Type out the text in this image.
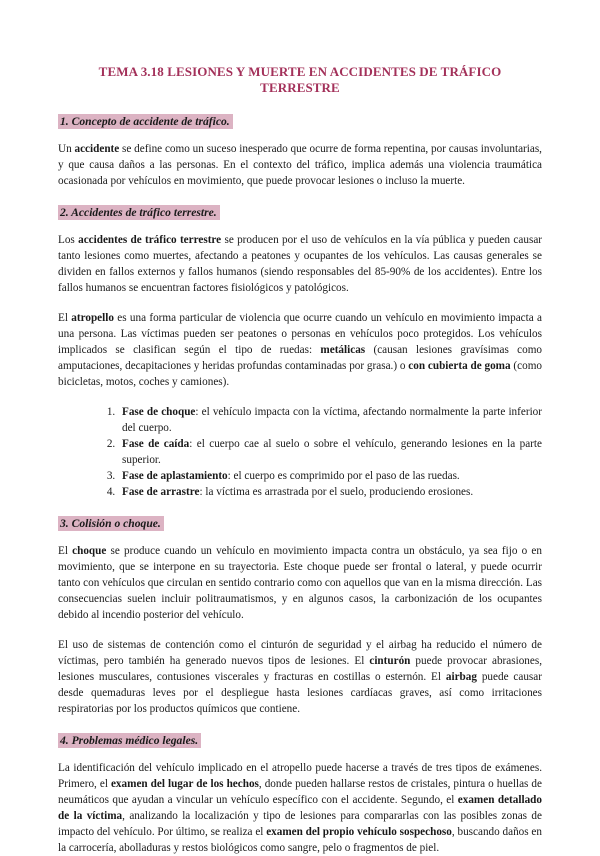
TEMA 3.18 LESIONES Y MUERTE EN ACCIDENTES DE TRÁFICO TERRESTRE
1. Concepto de accidente de tráfico.

Un accidente se define como un suceso inesperado que ocurre de forma repentina, por causas involuntarias, y que causa daños a las personas. En el contexto del tráfico, implica además una violencia traumática ocasionada por vehículos en movimiento, que puede provocar lesiones o incluso la muerte.

2. Accidentes de tráfico terrestre.

Los accidentes de tráfico terrestre se producen por el uso de vehículos en la vía pública y pueden causar tanto lesiones como muertes, afectando a peatones y ocupantes de los vehículos. Las causas generales se dividen en fallos externos y fallos humanos (siendo responsables del 85-90% de los accidentes). Entre los fallos humanos se encuentran factores fisiológicos y patológicos.

El atropello es una forma particular de violencia que ocurre cuando un vehículo en movimiento impacta a una persona. Las víctimas pueden ser peatones o personas en vehículos poco protegidos. Los vehículos implicados se clasifican según el tipo de ruedas: metálicas (causan lesiones gravísimas como amputaciones, decapitaciones y heridas profundas contaminadas por grasa.) o con cubierta de goma (como bicicletas, motos, coches y camiones).

1. Fase de choque: el vehículo impacta con la víctima, afectando normalmente la parte inferior del cuerpo.
2. Fase de caída: el cuerpo cae al suelo o sobre el vehículo, generando lesiones en la parte superior.
3. Fase de aplastamiento: el cuerpo es comprimido por el paso de las ruedas.
4. Fase de arrastre: la víctima es arrastrada por el suelo, produciendo erosiones.
3. Colisión o choque.

El choque se produce cuando un vehículo en movimiento impacta contra un obstáculo, ya sea fijo o en movimiento, que se interpone en su trayectoria. Este choque puede ser frontal o lateral, y puede ocurrir tanto con vehículos que circulan en sentido contrario como con aquellos que van en la misma dirección. Las consecuencias suelen incluir politraumatismos, y en algunos casos, la carbonización de los ocupantes debido al incendio posterior del vehículo.

El uso de sistemas de contención como el cinturón de seguridad y el airbag ha reducido el número de víctimas, pero también ha generado nuevos tipos de lesiones. El cinturón puede provocar abrasiones, lesiones musculares, contusiones viscerales y fracturas en costillas o esternón. El airbag puede causar desde quemaduras leves por el despliegue hasta lesiones cardíacas graves, así como irritaciones respiratorias por los productos químicos que contiene.

4. Problemas médico legales.

La identificación del vehículo implicado en el atropello puede hacerse a través de tres tipos de exámenes. Primero, el examen del lugar de los hechos, donde pueden hallarse restos de cristales, pintura o huellas de neumáticos que ayudan a vincular un vehículo específico con el accidente. Segundo, el examen detallado de la víctima, analizando la localización y tipo de lesiones para compararlas con las posibles zonas de impacto del vehículo. Por último, se realiza el examen del propio vehículo sospechoso, buscando daños en la carrocería, abolladuras y restos biológicos como sangre, pelo o fragmentos de piel.
